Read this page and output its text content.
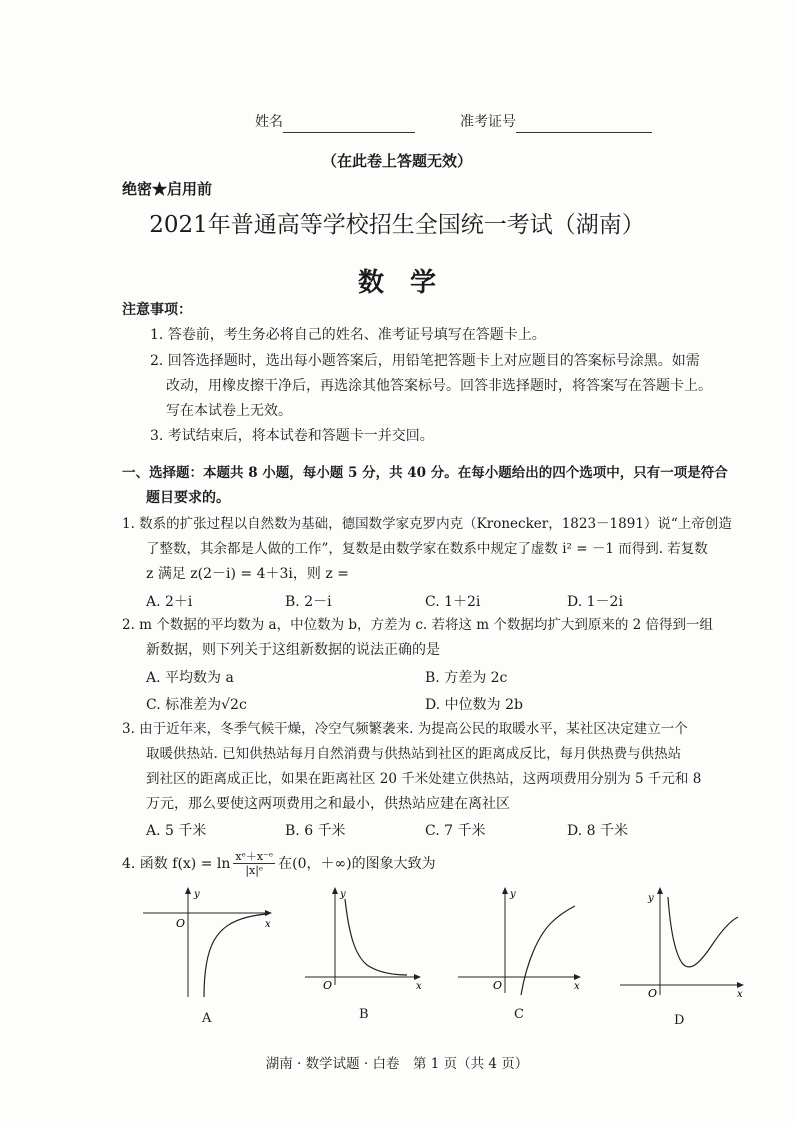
姓名	准考证号
（在此卷上答题无效）
绝密★启用前
2021年普通高等学校招生全国统一考试（湖南）
数　学
注意事项：
1. 答卷前，考生务必将自己的姓名、准考证号填写在答题卡上。
2. 回答选择题时，选出每小题答案后，用铅笔把答题卡上对应题目的答案标号涂黑。如需
改动，用橡皮擦干净后，再选涂其他答案标号。回答非选择题时，将答案写在答题卡上。
写在本试卷上无效。
3. 考试结束后，将本试卷和答题卡一并交回。
一、选择题：本题共 8 小题，每小题 5 分，共 40 分。在每小题给出的四个选项中，只有一项是符合
题目要求的。
1. 数系的扩张过程以自然数为基础，德国数学家克罗内克（Kronecker，1823－1891）说“上帝创造
了整数，其余都是人做的工作”，复数是由数学家在数系中规定了虚数 i² = －1 而得到. 若复数
z 满足 z(2－i) = 4＋3i，则 z =
A. 2＋i	B. 2－i	C. 1＋2i	D. 1－2i
2. m 个数据的平均数为 a，中位数为 b，方差为 c. 若将这 m 个数据均扩大到原来的 2 倍得到一组
新数据，则下列关于这组新数据的说法正确的是
A. 平均数为 a	B. 方差为 2c
C. 标准差为√2c	D. 中位数为 2b
3. 由于近年来，冬季气候干燥，冷空气频繁袭来. 为提高公民的取暖水平，某社区决定建立一个
取暖供热站. 已知供热站每月自然消费与供热站到社区的距离成反比，每月供热费与供热站
到社区的距离成正比，如果在距离社区 20 千米处建立供热站，这两项费用分别为 5 千元和 8
万元，那么要使这两项费用之和最小，供热站应建在离社区
A. 5 千米	B. 6 千米	C. 7 千米	D. 8 千米
4. 函数 $f(x) = \ln \frac{\text{xᵉ＋x⁻ᵉ}}{\text{|x|ᵉ}}$ 在(0，＋∞)的图象大致为
y
O	x
A
y
O	x
B
y
O	x
C
y
O	x
D
湖南 · 数学试题 · 白卷　第 1 页（共 4 页）
